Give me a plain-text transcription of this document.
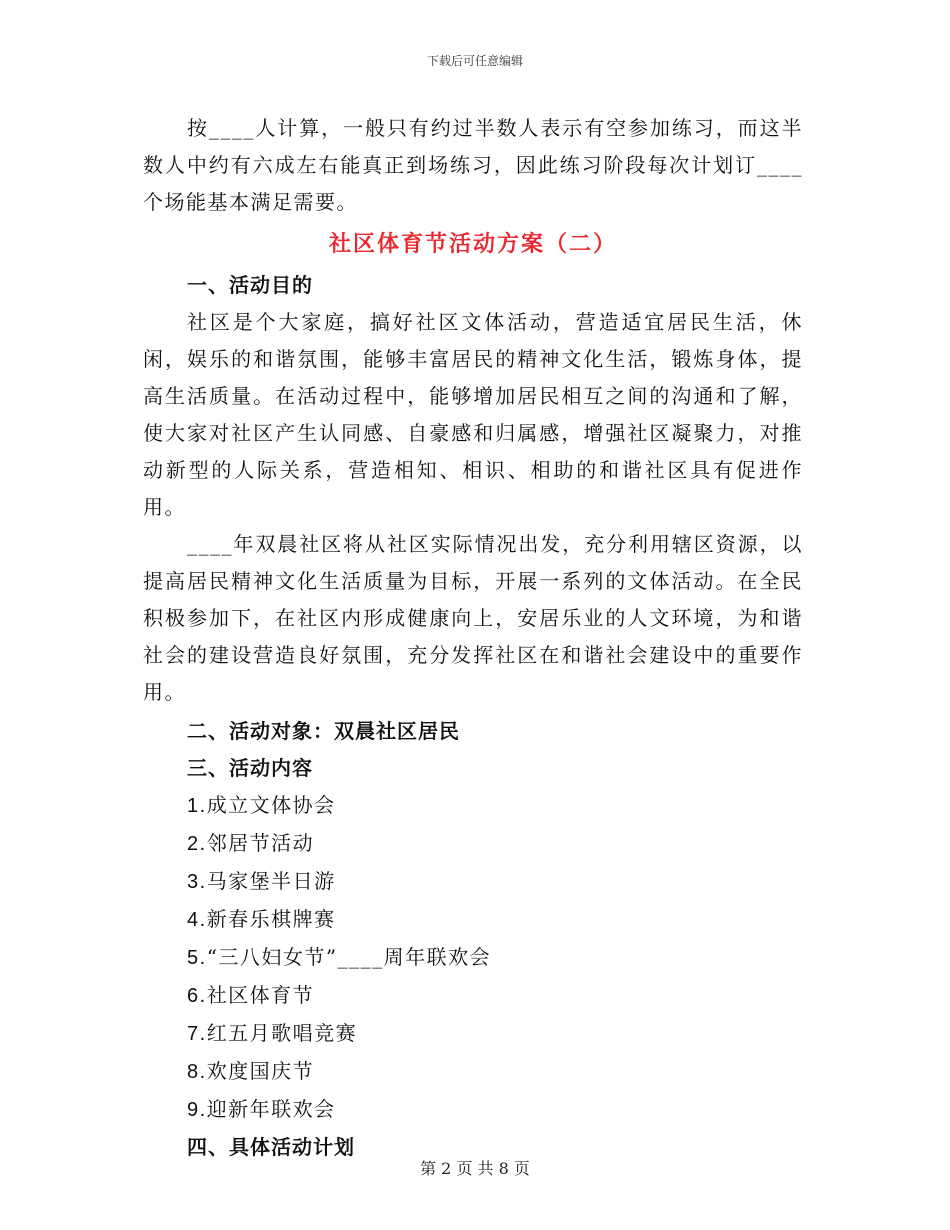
下载后可任意编辑

按____人计算，一般只有约过半数人表示有空参加练习，而这半数人中约有六成左右能真正到场练习，因此练习阶段每次计划订____个场能基本满足需要。

社区体育节活动方案（二）
一、活动目的

社区是个大家庭，搞好社区文体活动，营造适宜居民生活，休闲，娱乐的和谐氛围，能够丰富居民的精神文化生活，锻炼身体，提高生活质量。在活动过程中，能够增加居民相互之间的沟通和了解，使大家对社区产生认同感、自豪感和归属感，增强社区凝聚力，对推动新型的人际关系，营造相知、相识、相助的和谐社区具有促进作用。

____年双晨社区将从社区实际情况出发，充分利用辖区资源，以提高居民精神文化生活质量为目标，开展一系列的文体活动。在全民积极参加下，在社区内形成健康向上，安居乐业的人文环境，为和谐社会的建设营造良好氛围，充分发挥社区在和谐社会建设中的重要作用。

二、活动对象：双晨社区居民
三、活动内容
1.成立文体协会
2.邻居节活动
3.马家堡半日游
4.新春乐棋牌赛
5.“三八妇女节”____周年联欢会
6.社区体育节
7.红五月歌唱竞赛
8.欢度国庆节
9.迎新年联欢会
四、具体活动计划
第 2 页 共 8 页
